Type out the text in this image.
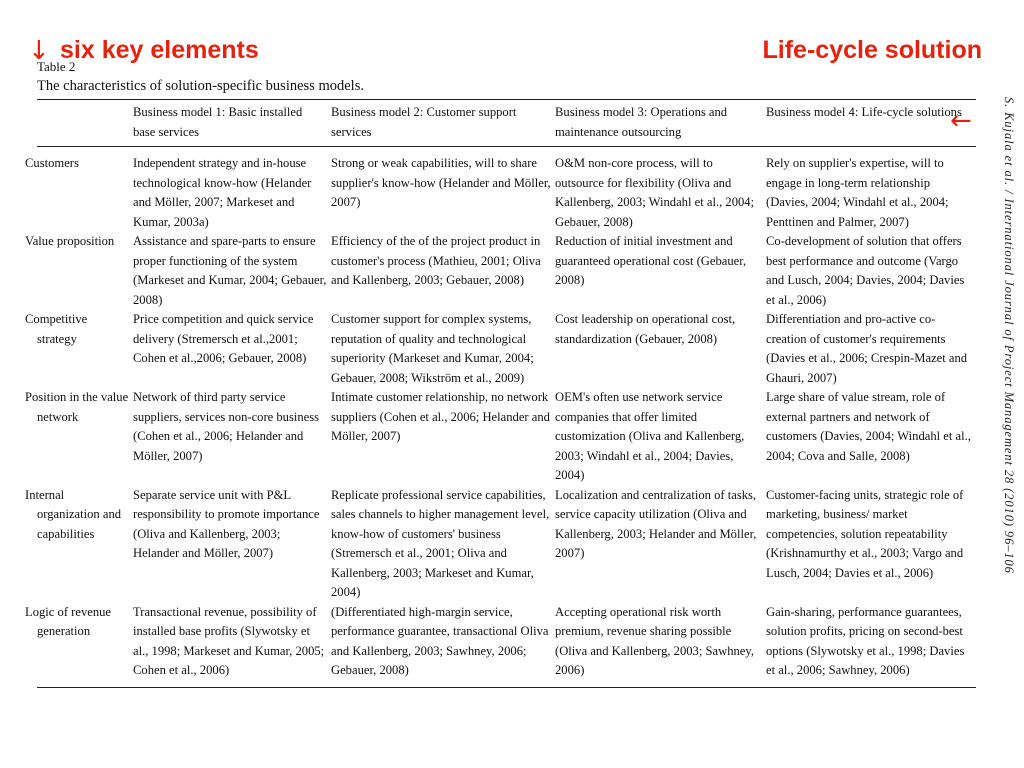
six key elements	Life-cycle solution
↓
←
Table 2
The characteristics of solution-specific business models.
	Business model 1: Basic installed base services	Business model 2: Customer support services	Business model 3: Operations and maintenance outsourcing	Business model 4: Life-cycle solutions
Customers	Independent strategy and in-house technological know-how (Helander and Möller, 2007; Markeset and Kumar, 2003a)	Strong or weak capabilities, will to share supplier's know-how (Helander and Möller, 2007)	O&M non-core process, will to outsource for flexibility (Oliva and Kallenberg, 2003; Windahl et al., 2004; Gebauer, 2008)	Rely on supplier's expertise, will to engage in long-term relationship (Davies, 2004; Windahl et al., 2004; Penttinen and Palmer, 2007)
Value proposition	Assistance and spare-parts to ensure proper functioning of the system (Markeset and Kumar, 2004; Gebauer, 2008)	Efficiency of the of the project product in customer's process (Mathieu, 2001; Oliva and Kallenberg, 2003; Gebauer, 2008)	Reduction of initial investment and guaranteed operational cost (Gebauer, 2008)	Co-development of solution that offers best performance and outcome (Vargo and Lusch, 2004; Davies, 2004; Davies et al., 2006)
Competitive strategy	Price competition and quick service delivery (Stremersch et al.,2001; Cohen et al.,2006; Gebauer, 2008)	Customer support for complex systems, reputation of quality and technological superiority (Markeset and Kumar, 2004; Gebauer, 2008; Wikström et al., 2009)	Cost leadership on operational cost, standardization (Gebauer, 2008)	Differentiation and pro-active co-creation of customer's requirements (Davies et al., 2006; Crespin-Mazet and Ghauri, 2007)
Position in the value network	Network of third party service suppliers, services non-core business (Cohen et al., 2006; Helander and Möller, 2007)	Intimate customer relationship, no network suppliers (Cohen et al., 2006; Helander and Möller, 2007)	OEM's often use network service companies that offer limited customization (Oliva and Kallenberg, 2003; Windahl et al., 2004; Davies, 2004)	Large share of value stream, role of external partners and network of customers (Davies, 2004; Windahl et al., 2004; Cova and Salle, 2008)
Internal organization and capabilities	Separate service unit with P&L responsibility to promote importance (Oliva and Kallenberg, 2003; Helander and Möller, 2007)	Replicate professional service capabilities, sales channels to higher management level, know-how of customers' business (Stremersch et al., 2001; Oliva and Kallenberg, 2003; Markeset and Kumar, 2004)	Localization and centralization of tasks, service capacity utilization (Oliva and Kallenberg, 2003; Helander and Möller, 2007)	Customer-facing units, strategic role of marketing, business/ market competencies, solution repeatability (Krishnamurthy et al., 2003; Vargo and Lusch, 2004; Davies et al., 2006)
Logic of revenue generation	Transactional revenue, possibility of installed base profits (Slywotsky et al., 1998; Markeset and Kumar, 2005; Cohen et al., 2006)	(Differentiated high-margin service, performance guarantee, transactional Oliva and Kallenberg, 2003; Sawhney, 2006; Gebauer, 2008)	Accepting operational risk worth premium, revenue sharing possible (Oliva and Kallenberg, 2003; Sawhney, 2006)	Gain-sharing, performance guarantees, solution profits, pricing on second-best options (Slywotsky et al., 1998; Davies et al., 2006; Sawhney, 2006)
S. Kujala et al. / International Journal of Project Management 28 (2010) 96–106
